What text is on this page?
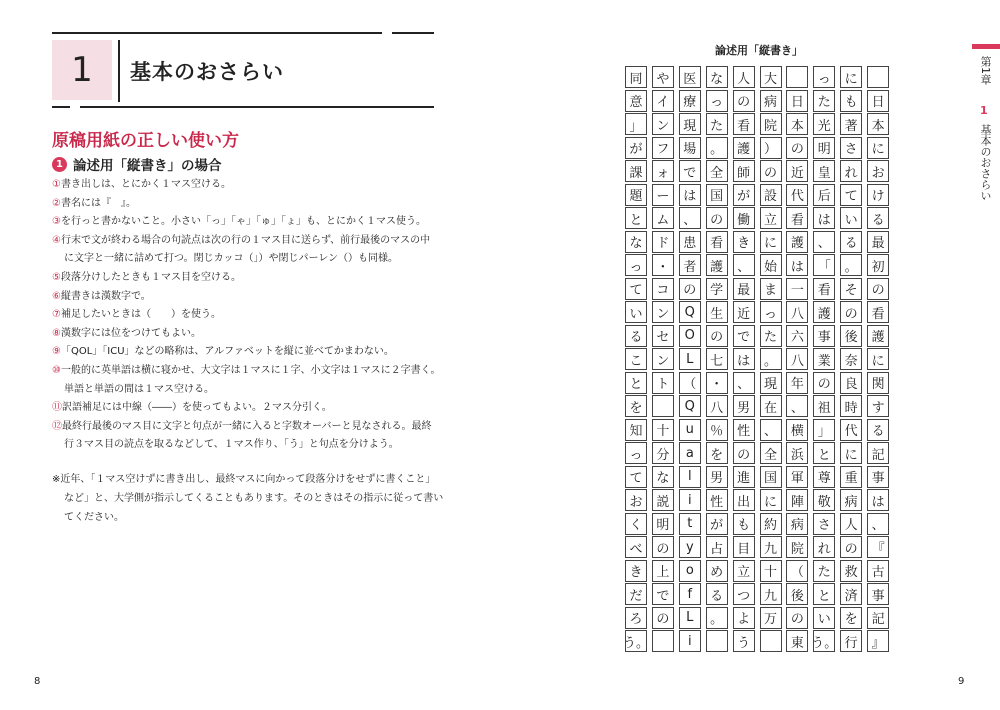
1	基本のおさらい
原稿用紙の正しい使い方
1 論述用「縦書き」の場合
①書き出しは、とにかく１マス空ける。
②書名には『　』。
③を行っと書かないこと。小さい「っ」「ゃ」「ゅ」「ょ」も、とにかく１マス使う。
④行末で文が終わる場合の句読点は次の行の１マス目に送らず、前行最後のマスの中
に文字と一緒に詰めて打つ。閉じカッコ（」）や閉じパーレン（）も同様。
⑤段落分けしたときも１マス目を空ける。
⑥縦書きは漢数字で。
⑦補足したいときは（　　）を使う。
⑧漢数字には位をつけてもよい。
⑨「QOL」「ICU」などの略称は、アルファベットを縦に並べてかまわない。
⑩一般的に英単語は横に寝かせ、大文字は１マスに１字、小文字は１マスに２字書く。
単語と単語の間は１マス空ける。
⑪訳語補足には中線（――）を使ってもよい。２マス分引く。
⑫最終行最後のマス目に文字と句点が一緒に入ると字数オーバーと見なされる。最終
行３マス目の読点を取るなどして、１マス作り、「う」と句点を分けよう。
※近年、「１マス空けずに書き出し、最終マスに向かって段落分けをせずに書くこと」
など」と、大学側が指示してくることもあります。そのときはその指示に従って書い
てください。
8
論述用「縦書き」
日
本
に
お
け
る
最
初
の
看
護
に
関
す
る
記
事
は
、
『
古
事
記
』
に
も
著
さ
れ
て
い
る
。
そ
の
後
奈
良
時
代
に
重
病
人
の
救
済
を
行
っ
た
光
明
皇
后
は
、
「
看
護
事
業
の
祖
」
と
尊
敬
さ
れ
た
と
い
う。
日
本
の
近
代
看
護
は
一
八
六
八
年
、
横
浜
軍
陣
病
院
（
後
の
東
大
病
院
）
の
設
立
に
始
ま
っ
た
。
現
在
、
全
国
に
約
九
十
九
万
人
の
看
護
師
が
働
き
、
最
近
で
は
、
男
性
の
進
出
も
目
立
つ
よ
う
な
っ
た
。
全
国
の
看
護
学
生
の
七
・
八
％
を
男
性
が
占
め
る
。
医
療
現
場
で
は
、
患
者
の
Q
O
L
（
Q
u
a
l
i
t
y
o
f
L
i
や
イ
ン
フ
ォ
ー
ム
ド
・
コ
ン
セ
ン
ト
十
分
な
説
明
の
上
で
の
同
意
」
が
課
題
と
な
っ
て
い
る
こ
と
を
知
っ
て
お
く
べ
き
だ
ろ
う。
第1章
1
基本のおさらい
9
